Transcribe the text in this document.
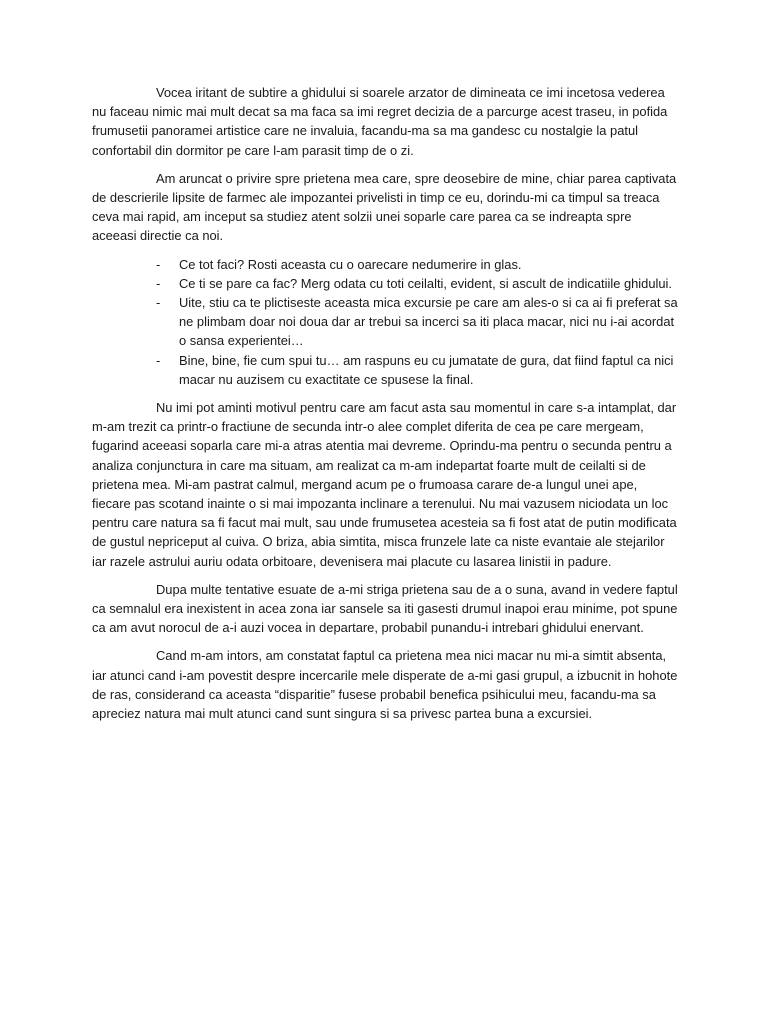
Vocea iritant de subtire a ghidului si soarele arzator de dimineata ce imi incetosa vederea nu faceau nimic mai mult decat sa ma faca sa imi regret decizia de a parcurge acest traseu, in pofida frumusetii panoramei artistice care ne invaluia, facandu-ma sa ma gandesc cu nostalgie la patul confortabil din dormitor pe care l-am parasit timp de o zi.

Am aruncat o privire spre prietena mea care, spre deosebire de mine, chiar parea captivata de descrierile lipsite de farmec ale impozantei privelisti in timp ce eu, dorindu-mi ca timpul sa treaca ceva mai rapid, am inceput sa studiez atent solzii unei soparle care parea ca se indreapta spre aceeasi directie ca noi.

- Ce tot faci? Rosti aceasta cu o oarecare nedumerire in glas.
- Ce ti se pare ca fac? Merg odata cu toti ceilalti, evident, si ascult de indicatiile ghidului.
- Uite, stiu ca te plictiseste aceasta mica excursie pe care am ales-o si ca ai fi preferat sa ne plimbam doar noi doua dar ar trebui sa incerci sa iti placa macar, nici nu i-ai acordat o sansa experientei…
- Bine, bine, fie cum spui tu… am raspuns eu cu jumatate de gura, dat fiind faptul ca nici macar nu auzisem cu exactitate ce spusese la final.

Nu imi pot aminti motivul pentru care am facut asta sau momentul in care s-a intamplat, dar m-am trezit ca printr-o fractiune de secunda intr-o alee complet diferita de cea pe care mergeam, fugarind aceeasi soparla care mi-a atras atentia mai devreme. Oprindu-ma pentru o secunda pentru a analiza conjunctura in care ma situam, am realizat ca m-am indepartat foarte mult de ceilalti si de prietena mea. Mi-am pastrat calmul, mergand acum pe o frumoasa carare de-a lungul unei ape, fiecare pas scotand inainte o si mai impozanta inclinare a terenului. Nu mai vazusem niciodata un loc pentru care natura sa fi facut mai mult, sau unde frumusetea acesteia sa fi fost atat de putin modificata de gustul nepriceput al cuiva. O briza, abia simtita, misca frunzele late ca niste evantaie ale stejarilor iar razele astrului auriu odata orbitoare, devenisera mai placute cu lasarea linistii in padure.

Dupa multe tentative esuate de a-mi striga prietena sau de a o suna, avand in vedere faptul ca semnalul era inexistent in acea zona iar sansele sa iti gasesti drumul inapoi erau minime, pot spune ca am avut norocul de a-i auzi vocea in departare, probabil punandu-i intrebari ghidului enervant.

Cand m-am intors, am constatat faptul ca prietena mea nici macar nu mi-a simtit absenta, iar atunci cand i-am povestit despre incercarile mele disperate de a-mi gasi grupul, a izbucnit in hohote de ras, considerand ca aceasta “disparitie” fusese probabil benefica psihicului meu, facandu-ma sa apreciez natura mai mult atunci cand sunt singura si sa privesc partea buna a excursiei.
